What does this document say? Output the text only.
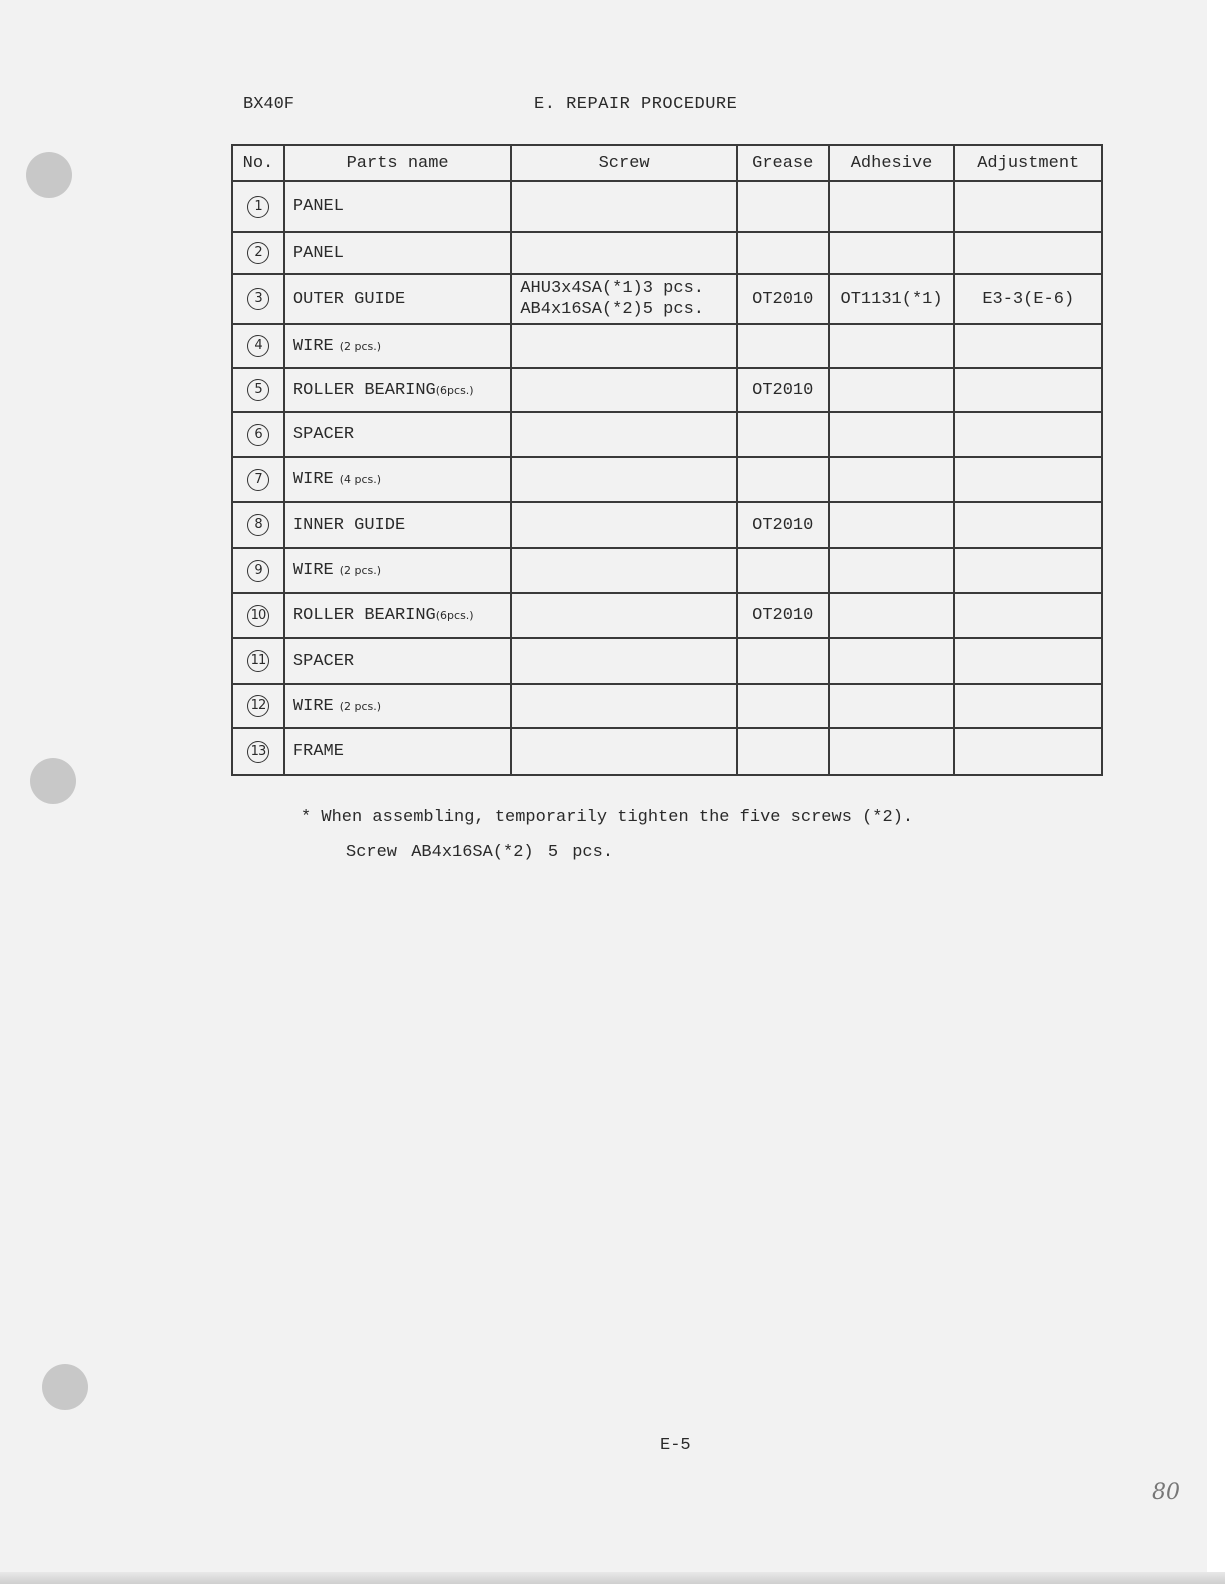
BX40F	E. REPAIR PROCEDURE
No.	Parts name	Screw	Grease	Adhesive	Adjustment
1	PANEL				
2	PANEL				
3	OUTER GUIDE	AHU3x4SA(*1)3 pcs.
AB4x16SA(*2)5 pcs.	OT2010	OT1131(*1)	E3-3(E-6)
4	WIRE (2 pcs.)				
5	ROLLER BEARING(6pcs.)		OT2010		
6	SPACER				
7	WIRE (4 pcs.)				
8	INNER GUIDE		OT2010		
9	WIRE (2 pcs.)				
10	ROLLER BEARING(6pcs.)		OT2010		
11	SPACER				
12	WIRE (2 pcs.)				
13	FRAME				
* When assembling, temporarily tighten the five screws (*2).
Screw AB4x16SA(*2) 5 pcs.
E-5
80
